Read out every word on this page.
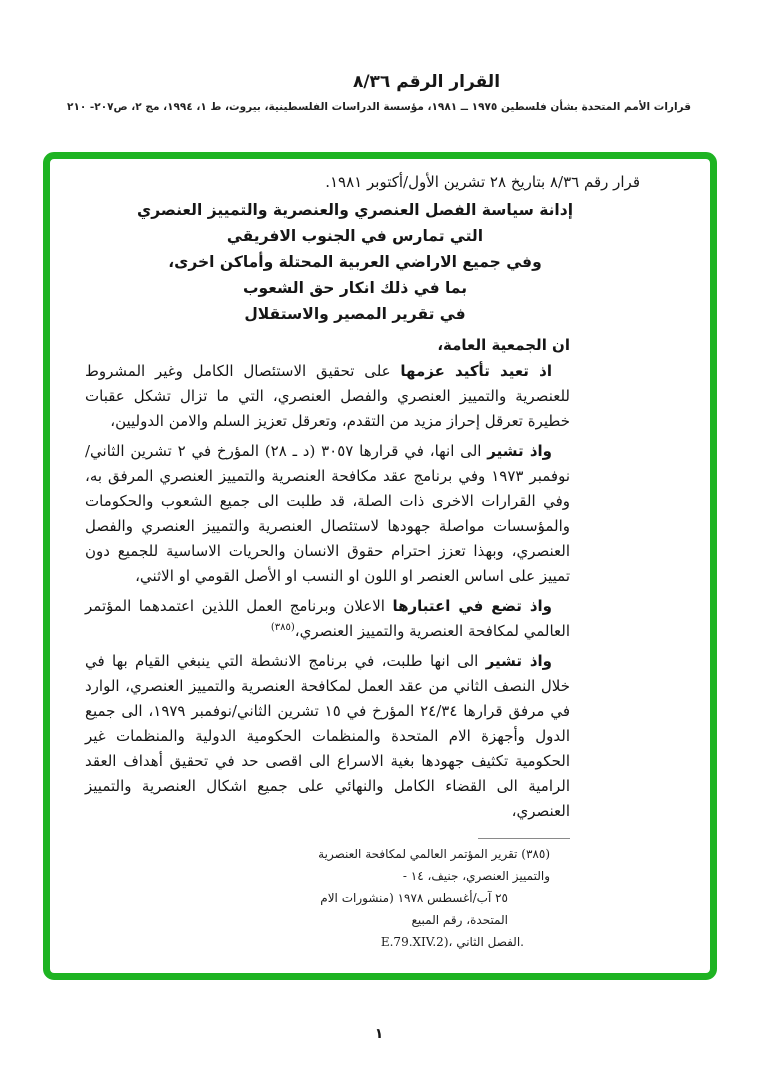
القرار الرقم ٨/٣٦
قرارات الأمم المتحدة بشأن فلسطين ١٩٧٥ ــ ١٩٨١، مؤسسة الدراسات الفلسطينية، بيروت، ط ١، ١٩٩٤، مج ٢، ص٢٠٧- ٢١٠
قرار رقم ٨/٣٦ بتاريخ ٢٨ تشرين الأول/أكتوبر ١٩٨١.
إدانة سياسة الفصل العنصري والعنصرية والتمييز العنصري
التي تمارس في الجنوب الافريقي
وفي جميع الاراضي العربية المحتلة وأماكن اخرى،
بما في ذلك انكار حق الشعوب
في تقرير المصير والاستقلال
ان الجمعية العامة،

اذ تعيد تأكيد عزمها على تحقيق الاستئصال الكامل وغير المشروط للعنصرية والتمييز العنصري والفصل العنصري، التي ما تزال تشكل عقبات خطيرة تعرقل إحراز مزيد من التقدم، وتعرقل تعزيز السلم والامن الدوليين،

واذ تشير الى انها، في قرارها ٣٠٥٧ (د ـ ٢٨) المؤرخ في ٢ تشرين الثاني/نوفمبر ١٩٧٣ وفي برنامج عقد مكافحة العنصرية والتمييز العنصري المرفق به، وفي القرارات الاخرى ذات الصلة، قد طلبت الى جميع الشعوب والحكومات والمؤسسات مواصلة جهودها لاستئصال العنصرية والتمييز العنصري والفصل العنصري، وبهذا تعزز احترام حقوق الانسان والحريات الاساسية للجميع دون تمييز على اساس العنصر او اللون او النسب او الأصل القومي او الاثني،

واذ تضع في اعتبارها الاعلان وبرنامج العمل اللذين اعتمدهما المؤتمر العالمي لمكافحة العنصرية والتمييز العنصري،$^{(٣٨٥)}$

واذ تشير الى انها طلبت، في برنامج الانشطة التي ينبغي القيام بها في خلال النصف الثاني من عقد العمل لمكافحة العنصرية والتمييز العنصري، الوارد في مرفق قرارها ٢٤/٣٤ المؤرخ في ١٥ تشرين الثاني/نوفمبر ١٩٧٩، الى جميع الدول وأجهزة الام المتحدة والمنظمات الحكومية الدولية والمنظمات غير الحكومية تكثيف جهودها بغية الاسراع الى اقصى حد في تحقيق أهداف العقد الرامية الى القضاء الكامل والنهائي على جميع اشكال العنصرية والتمييز العنصري،

(٣٨٥) تقرير المؤتمر العالمي لمكافحة العنصرية والتمييز العنصري، جنيف، ١٤ -
٢٥ آب/أغسطس ١٩٧٨ (منشورات الام المتحدة، رقم المبيع
E.79.XIV.2)، الفصل الثاني.
١
